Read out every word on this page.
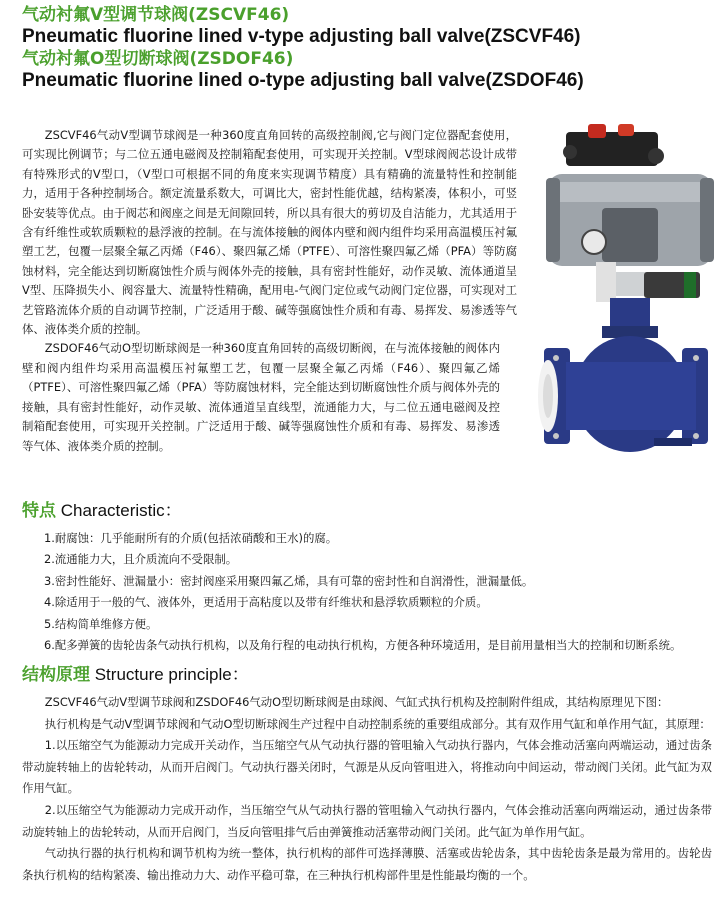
气动衬氟V型调节球阀(ZSCVF46)
Pneumatic fluorine lined v-type adjusting ball valve(ZSCVF46)
气动衬氟O型切断球阀(ZSDOF46)
Pneumatic fluorine lined o-type adjusting ball valve(ZSDOF46)

ZSCVF46气动V型调节球阀是一种360度直角回转的高级控制阀,它与阀门定位器配套使用，可实现比例调节；与二位五通电磁阀及控制箱配套使用，可实现开关控制。V型球阀阀芯设计成带有特殊形式的V型口，（V型口可根据不同的角度来实现调节精度）具有精确的流量特性和控制能力，适用于各种控制场合。额定流量系数大，可调比大，密封性能优越，结构紧凑，体积小，可竖卧安装等优点。由于阀芯和阀座之间是无间隙回转，所以具有很大的剪切及自洁能力，尤其适用于含有纤维性或软质颗粒的悬浮液的控制。在与流体接触的阀体内壁和阀内组件均采用高温模压衬氟塑工艺，包覆一层聚全氟乙丙烯（F46）、聚四氟乙烯（PTFE）、可溶性聚四氟乙烯（PFA）等防腐蚀材料，完全能达到切断腐蚀性介质与阀体外壳的接触，具有密封性能好，动作灵敏、流体通道呈V型、压降损失小、阀容量大、流量特性精确，配用电-气阀门定位或气动阀门定位器，可实现对工艺管路流体介质的自动调节控制，广泛适用于酸、碱等强腐蚀性介质和有毒、易挥发、易渗透等气体、液体类介质的控制。

ZSDOF46气动O型切断球阀是一种360度直角回转的高级切断阀，在与流体接触的阀体内壁和阀内组件均采用高温模压衬氟塑工艺，包覆一层聚全氟乙丙烯（F46）、聚四氟乙烯（PTFE）、可溶性聚四氟乙烯（PFA）等防腐蚀材料，完全能达到切断腐蚀性介质与阀体外壳的接触，具有密封性能好，动作灵敏、流体通道呈直线型，流通能力大，与二位五通电磁阀及控制箱配套使用，可实现开关控制。广泛适用于酸、碱等强腐蚀性介质和有毒、易挥发、易渗透等气体、液体类介质的控制。

特点 Characteristic：
1.耐腐蚀：几乎能耐所有的介质(包括浓硝酸和王水)的腐。
2.流通能力大，且介质流向不受限制。
3.密封性能好、泄漏量小：密封阀座采用聚四氟乙烯，具有可靠的密封性和自润滑性，泄漏量低。
4.除适用于一般的气、液体外，更适用于高粘度以及带有纤维状和悬浮软质颗粒的介质。
5.结构简单维修方便。
6.配多弹簧的齿轮齿条气动执行机构，以及角行程的电动执行机构，方便各种环境适用，是目前用量相当大的控制和切断系统。
结构原理 Structure principle：

ZSCVF46气动V型调节球阀和ZSDOF46气动O型切断球阀是由球阀、气缸式执行机构及控制附件组成，其结构原理见下图：

执行机构是气动V型调节球阀和气动O型切断球阀生产过程中自动控制系统的重要组成部分。其有双作用气缸和单作用气缸，其原理：

1.以压缩空气为能源动力完成开关动作，当压缩空气从气动执行器的管咀输入气动执行器内，气体会推动活塞向两端运动，通过齿条带动旋转轴上的齿轮转动，从而开启阀门。气动执行器关闭时，气源是从反向管咀进入，将推动向中间运动，带动阀门关闭。此气缸为双作用气缸。

2.以压缩空气为能源动力完成开动作，当压缩空气从气动执行器的管咀输入气动执行器内，气体会推动活塞向两端运动，通过齿条带动旋转轴上的齿轮转动，从而开启阀门，当反向管咀排气后由弹簧推动活塞带动阀门关闭。此气缸为单作用气缸。

气动执行器的执行机构和调节机构为统一整体，执行机构的部件可选择薄膜、活塞或齿轮齿条，其中齿轮齿条是最为常用的。齿轮齿条执行机构的结构紧凑、输出推动力大、动作平稳可靠，在三种执行机构部件里是性能最均衡的一个。
